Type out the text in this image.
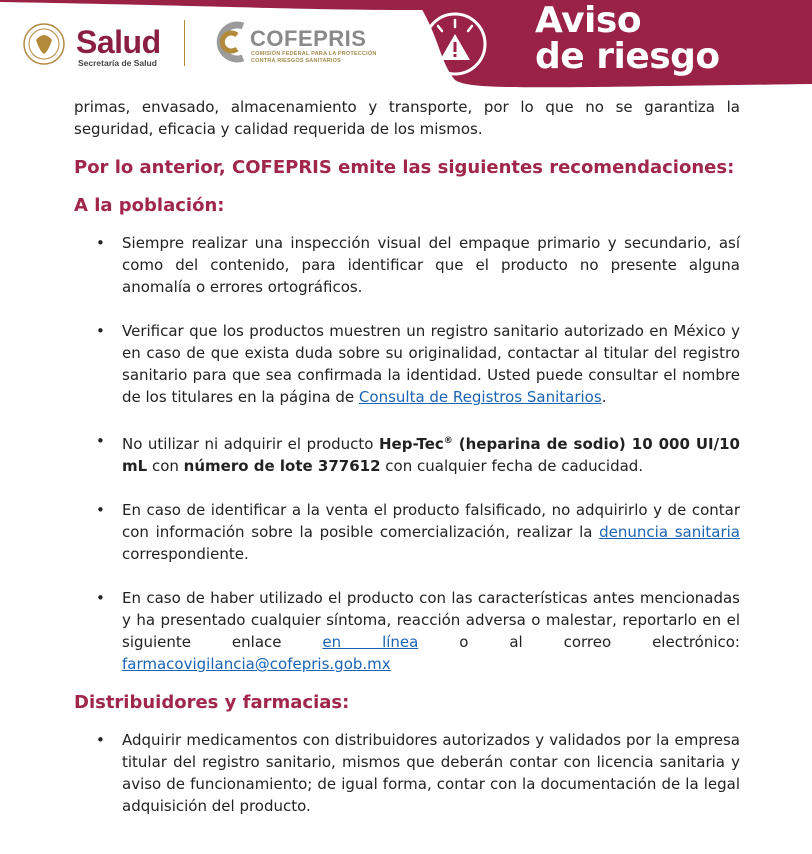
Salud
Secretaría de Salud
COFEPRIS
COMISIÓN FEDERAL PARA LA PROTECCIÓN
CONTRA RIESGOS SANITARIOS
Aviso
de riesgo

primas, envasado, almacenamiento y transporte, por lo que no se garantiza la seguridad, eficacia y calidad requerida de los mismos.

Por lo anterior, COFEPRIS emite las siguientes recomendaciones:
A la población:
• Siempre realizar una inspección visual del empaque primario y secundario, así como del contenido, para identificar que el producto no presente alguna anomalía o errores ortográficos.
• Verificar que los productos muestren un registro sanitario autorizado en México y en caso de que exista duda sobre su originalidad, contactar al titular del registro sanitario para que sea confirmada la identidad. Usted puede consultar el nombre de los titulares en la página de Consulta de Registros Sanitarios.
• No utilizar ni adquirir el producto Hep-Tec® (heparina de sodio) 10 000 UI/10 mL con número de lote 377612 con cualquier fecha de caducidad.
• En caso de identificar a la venta el producto falsificado, no adquirirlo y de contar con información sobre la posible comercialización, realizar la denuncia sanitaria correspondiente.
• En caso de haber utilizado el producto con las características antes mencionadas y ha presentado cualquier síntoma, reacción adversa o malestar, reportarlo en el siguiente enlace en línea o al correo electrónico:
farmacovigilancia@cofepris.gob.mx
Distribuidores y farmacias:
• Adquirir medicamentos con distribuidores autorizados y validados por la empresa titular del registro sanitario, mismos que deberán contar con licencia sanitaria y aviso de funcionamiento; de igual forma, contar con la documentación de la legal adquisición del producto.
